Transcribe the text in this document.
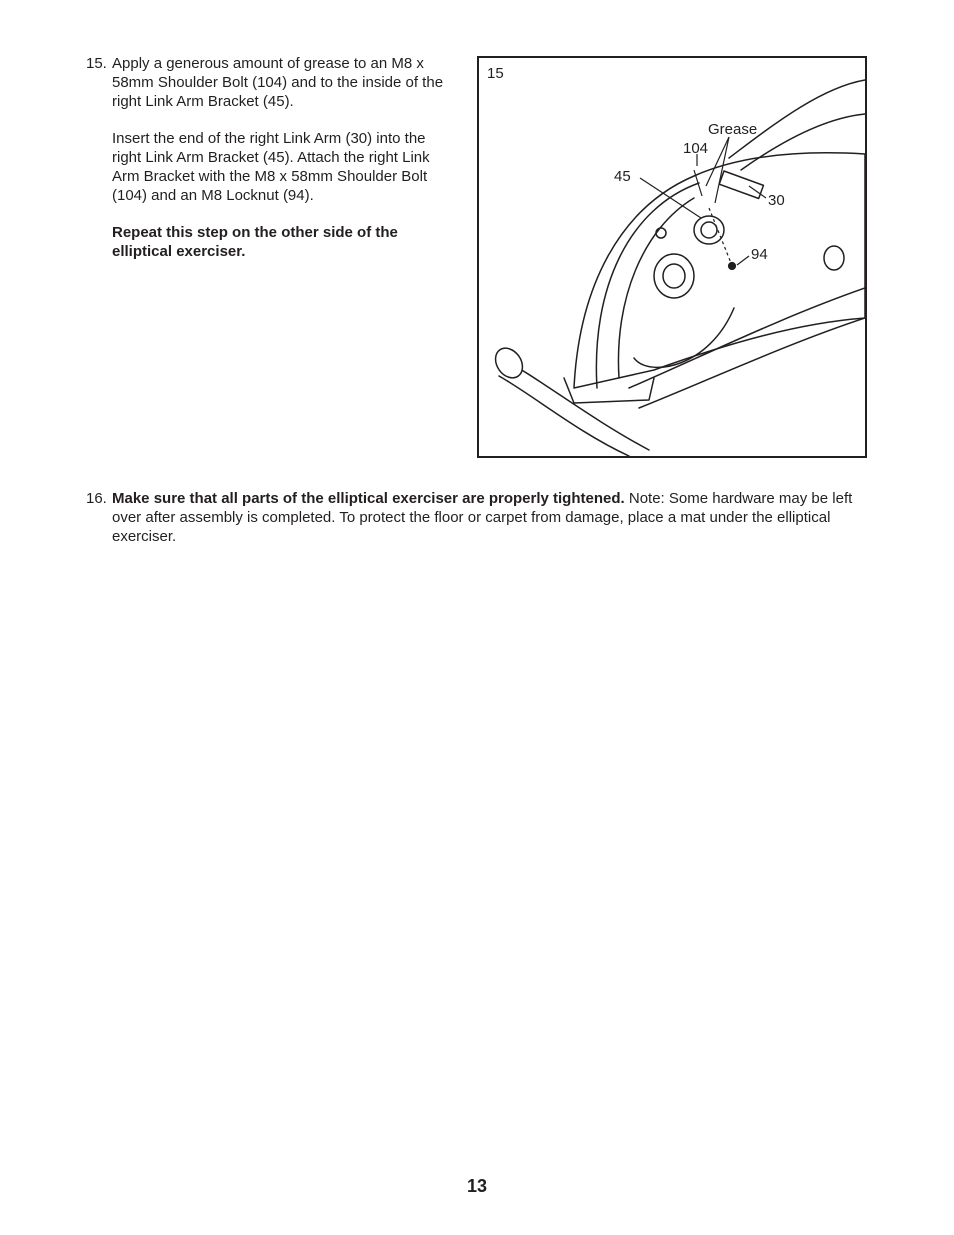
15. Apply a generous amount of grease to an M8 x 58mm Shoulder Bolt (104) and to the inside of the right Link Arm Bracket (45).

Insert the end of the right Link Arm (30) into the right Link Arm Bracket (45). Attach the right Link Arm Bracket with the M8 x 58mm Shoulder Bolt (104) and an M8 Locknut (94).

Repeat this step on the other side of the elliptical exerciser.

15
Grease
104
45
30
94
16. Make sure that all parts of the elliptical exerciser are properly tightened. Note: Some hardware may be left over after assembly is completed. To protect the floor or carpet from damage, place a mat under the elliptical exerciser.

13
